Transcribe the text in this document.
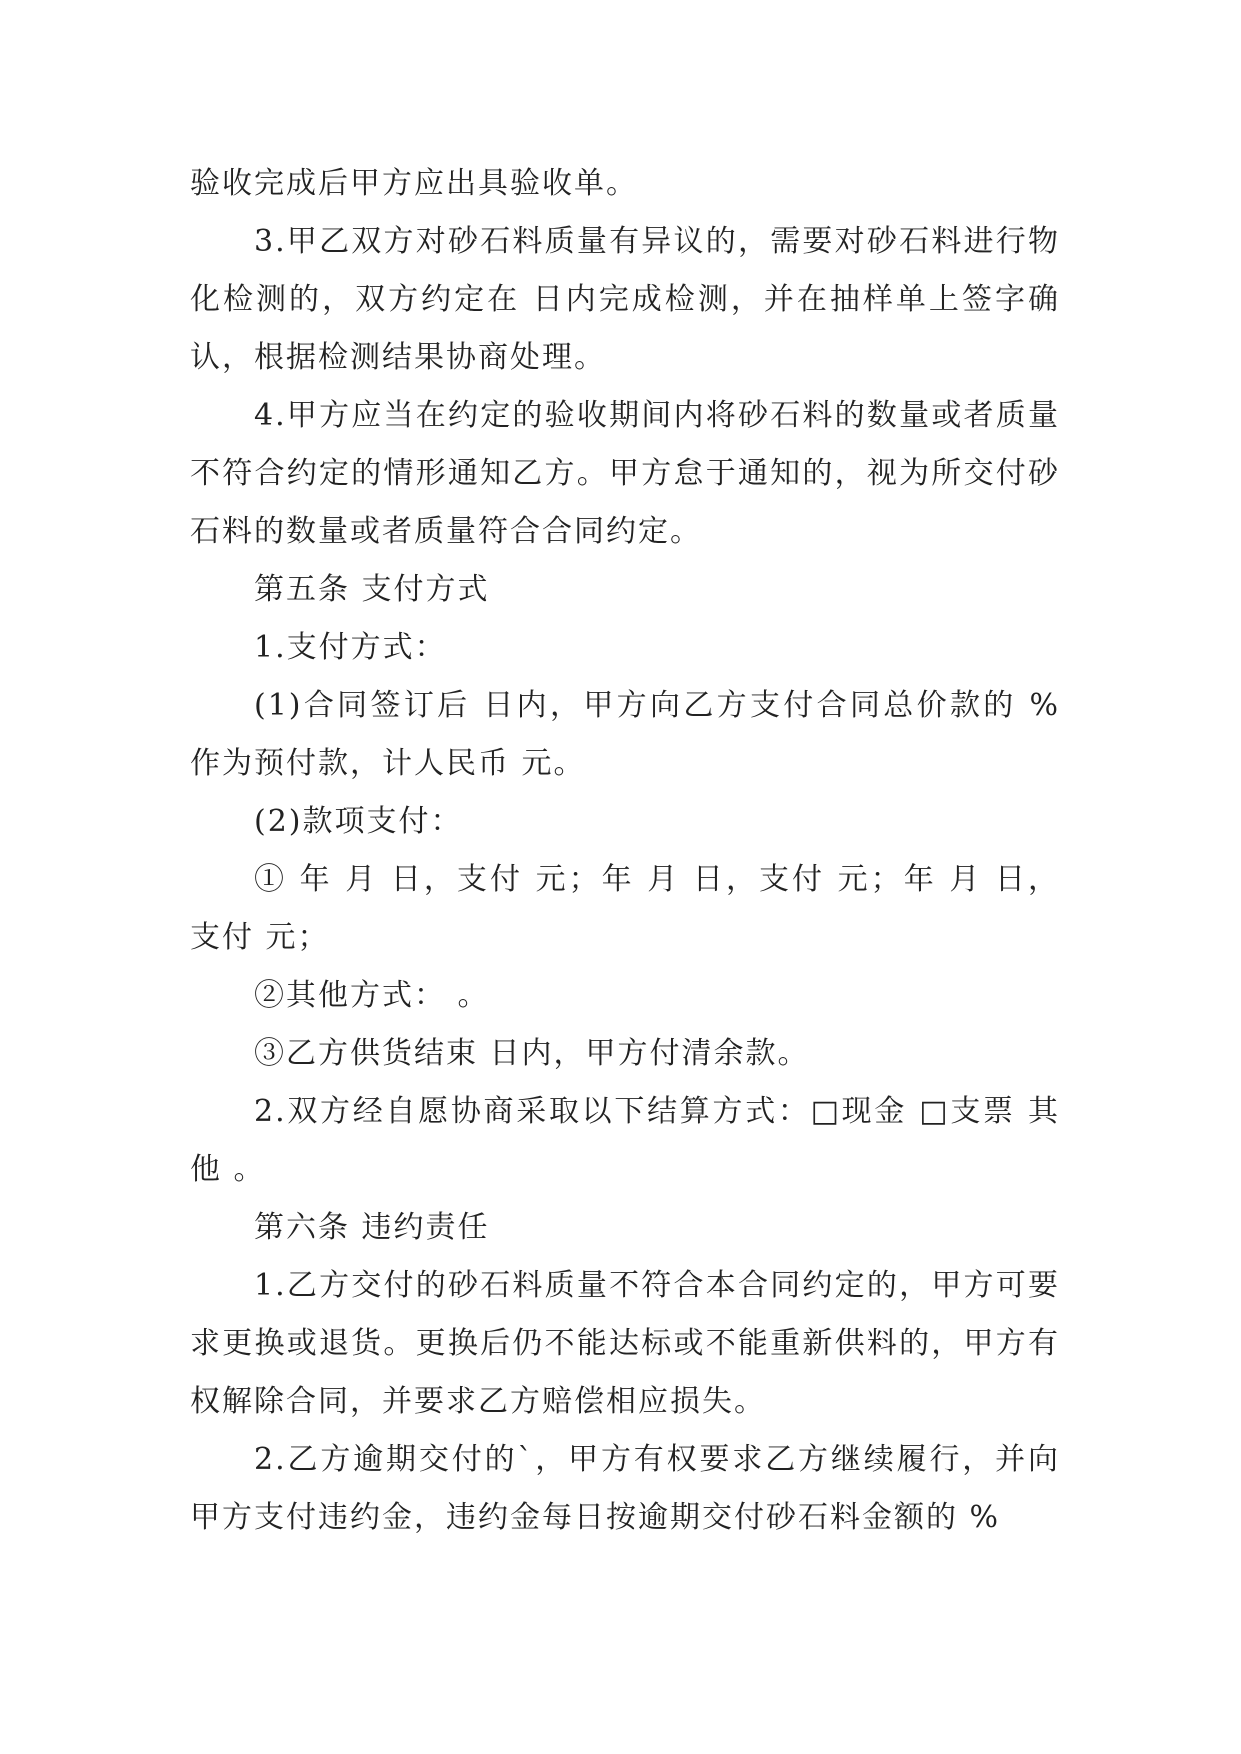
验收完成后甲方应出具验收单。

3.甲乙双方对砂石料质量有异议的，需要对砂石料进行物化检测的，双方约定在 日内完成检测，并在抽样单上签字确认，根据检测结果协商处理。

4.甲方应当在约定的验收期间内将砂石料的数量或者质量不符合约定的情形通知乙方。甲方怠于通知的，视为所交付砂石料的数量或者质量符合合同约定。

第五条 支付方式

1.支付方式：

(1)合同签订后 日内，甲方向乙方支付合同总价款的 %作为预付款，计人民币 元。

(2)款项支付：

① 年 月 日，支付 元；年 月 日，支付 元；年 月 日，支付 元；

②其他方式： 。

③乙方供货结束 日内，甲方付清余款。

2.双方经自愿协商采取以下结算方式：□现金 □支票 其他 。

第六条 违约责任

1.乙方交付的砂石料质量不符合本合同约定的，甲方可要求更换或退货。更换后仍不能达标或不能重新供料的，甲方有权解除合同，并要求乙方赔偿相应损失。

2.乙方逾期交付的`，甲方有权要求乙方继续履行，并向甲方支付违约金，违约金每日按逾期交付砂石料金额的 %
